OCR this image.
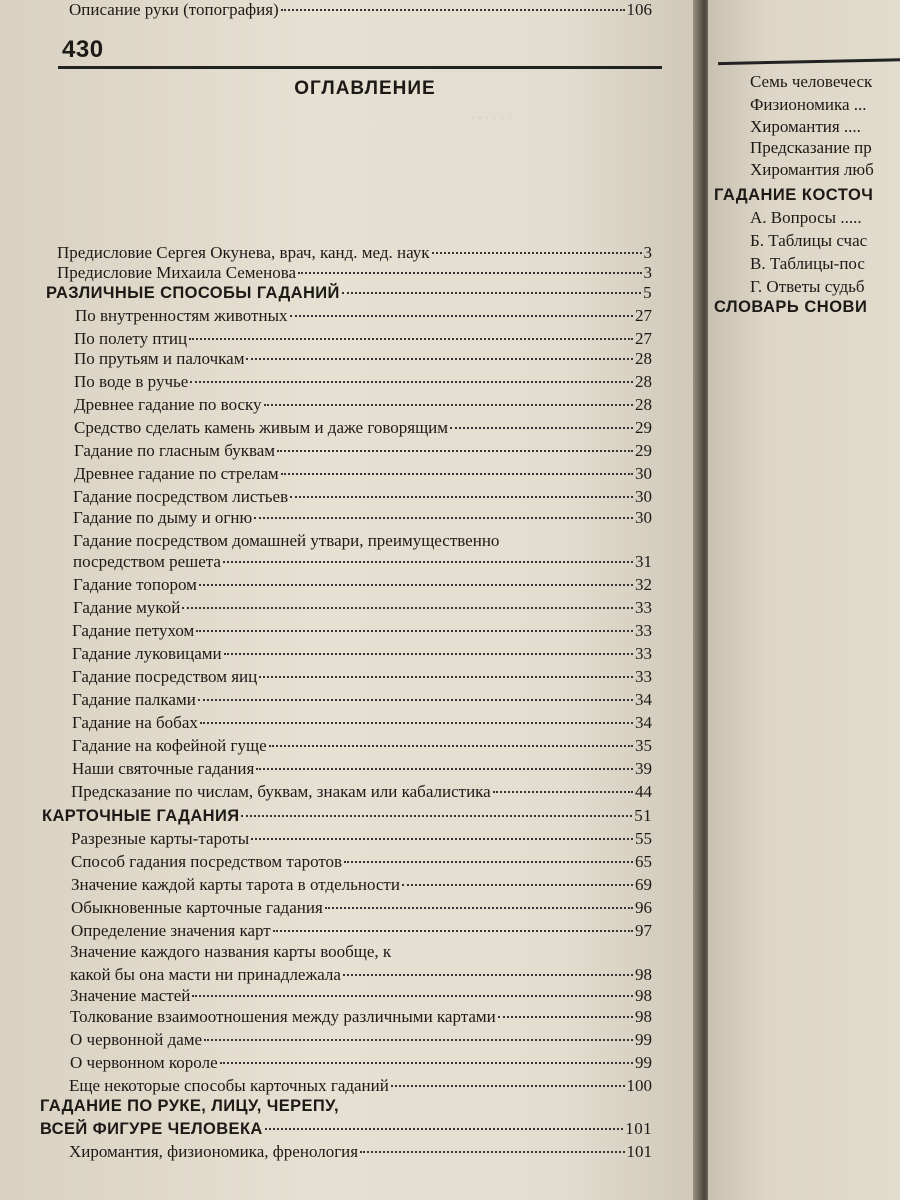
· · · · · ·
430
ОГЛАВЛЕНИЕ
Предисловие Сергея Окунева, врач, канд. мед. наук	3
Предисловие Михаила Семенова	3
РАЗЛИЧНЫЕ СПОСОБЫ ГАДАНИЙ	5
По внутренностям животных	27
По полету птиц	27
По прутьям и палочкам	28
По воде в ручье	28
Древнее гадание по воску	28
Средство сделать камень живым и даже говорящим	29
Гадание по гласным буквам	29
Древнее гадание по стрелам	30
Гадание посредством листьев	30
Гадание по дыму и огню	30
Гадание посредством домашней утвари, преимущественно
посредством решета	31
Гадание топором	32
Гадание мукой	33
Гадание петухом	33
Гадание луковицами	33
Гадание посредством яиц	33
Гадание палками	34
Гадание на бобах	34
Гадание на кофейной гуще	35
Наши святочные гадания	39
Предсказание по числам, буквам, знакам или кабалистика	44
КАРТОЧНЫЕ ГАДАНИЯ	51
Разрезные карты-тароты	55
Способ гадания посредством таротов	65
Значение каждой карты тарота в отдельности	69
Обыкновенные карточные гадания	96
Определение значения карт	97
Значение каждого названия карты вообще, к
какой бы она масти ни принадлежала	98
Значение мастей	98
Толкование взаимоотношения между различными картами	98
О червонной даме	99
О червонном короле	99
Еще некоторые способы карточных гаданий	100
ГАДАНИЕ ПО РУКЕ, ЛИЦУ, ЧЕРЕПУ,
ВСЕЙ ФИГУРЕ ЧЕЛОВЕКА	101
Хиромантия, физиономика, френология	101
Описание руки (топография)	106
Семь человеческ
Физиономика ...
Хиромантия ....
Предсказание пр
Хиромантия люб
ГАДАНИЕ КОСТОЧ
А. Вопросы .....
Б. Таблицы счас
В. Таблицы-пос
Г. Ответы судьб
СЛОВАРЬ СНОВИ
